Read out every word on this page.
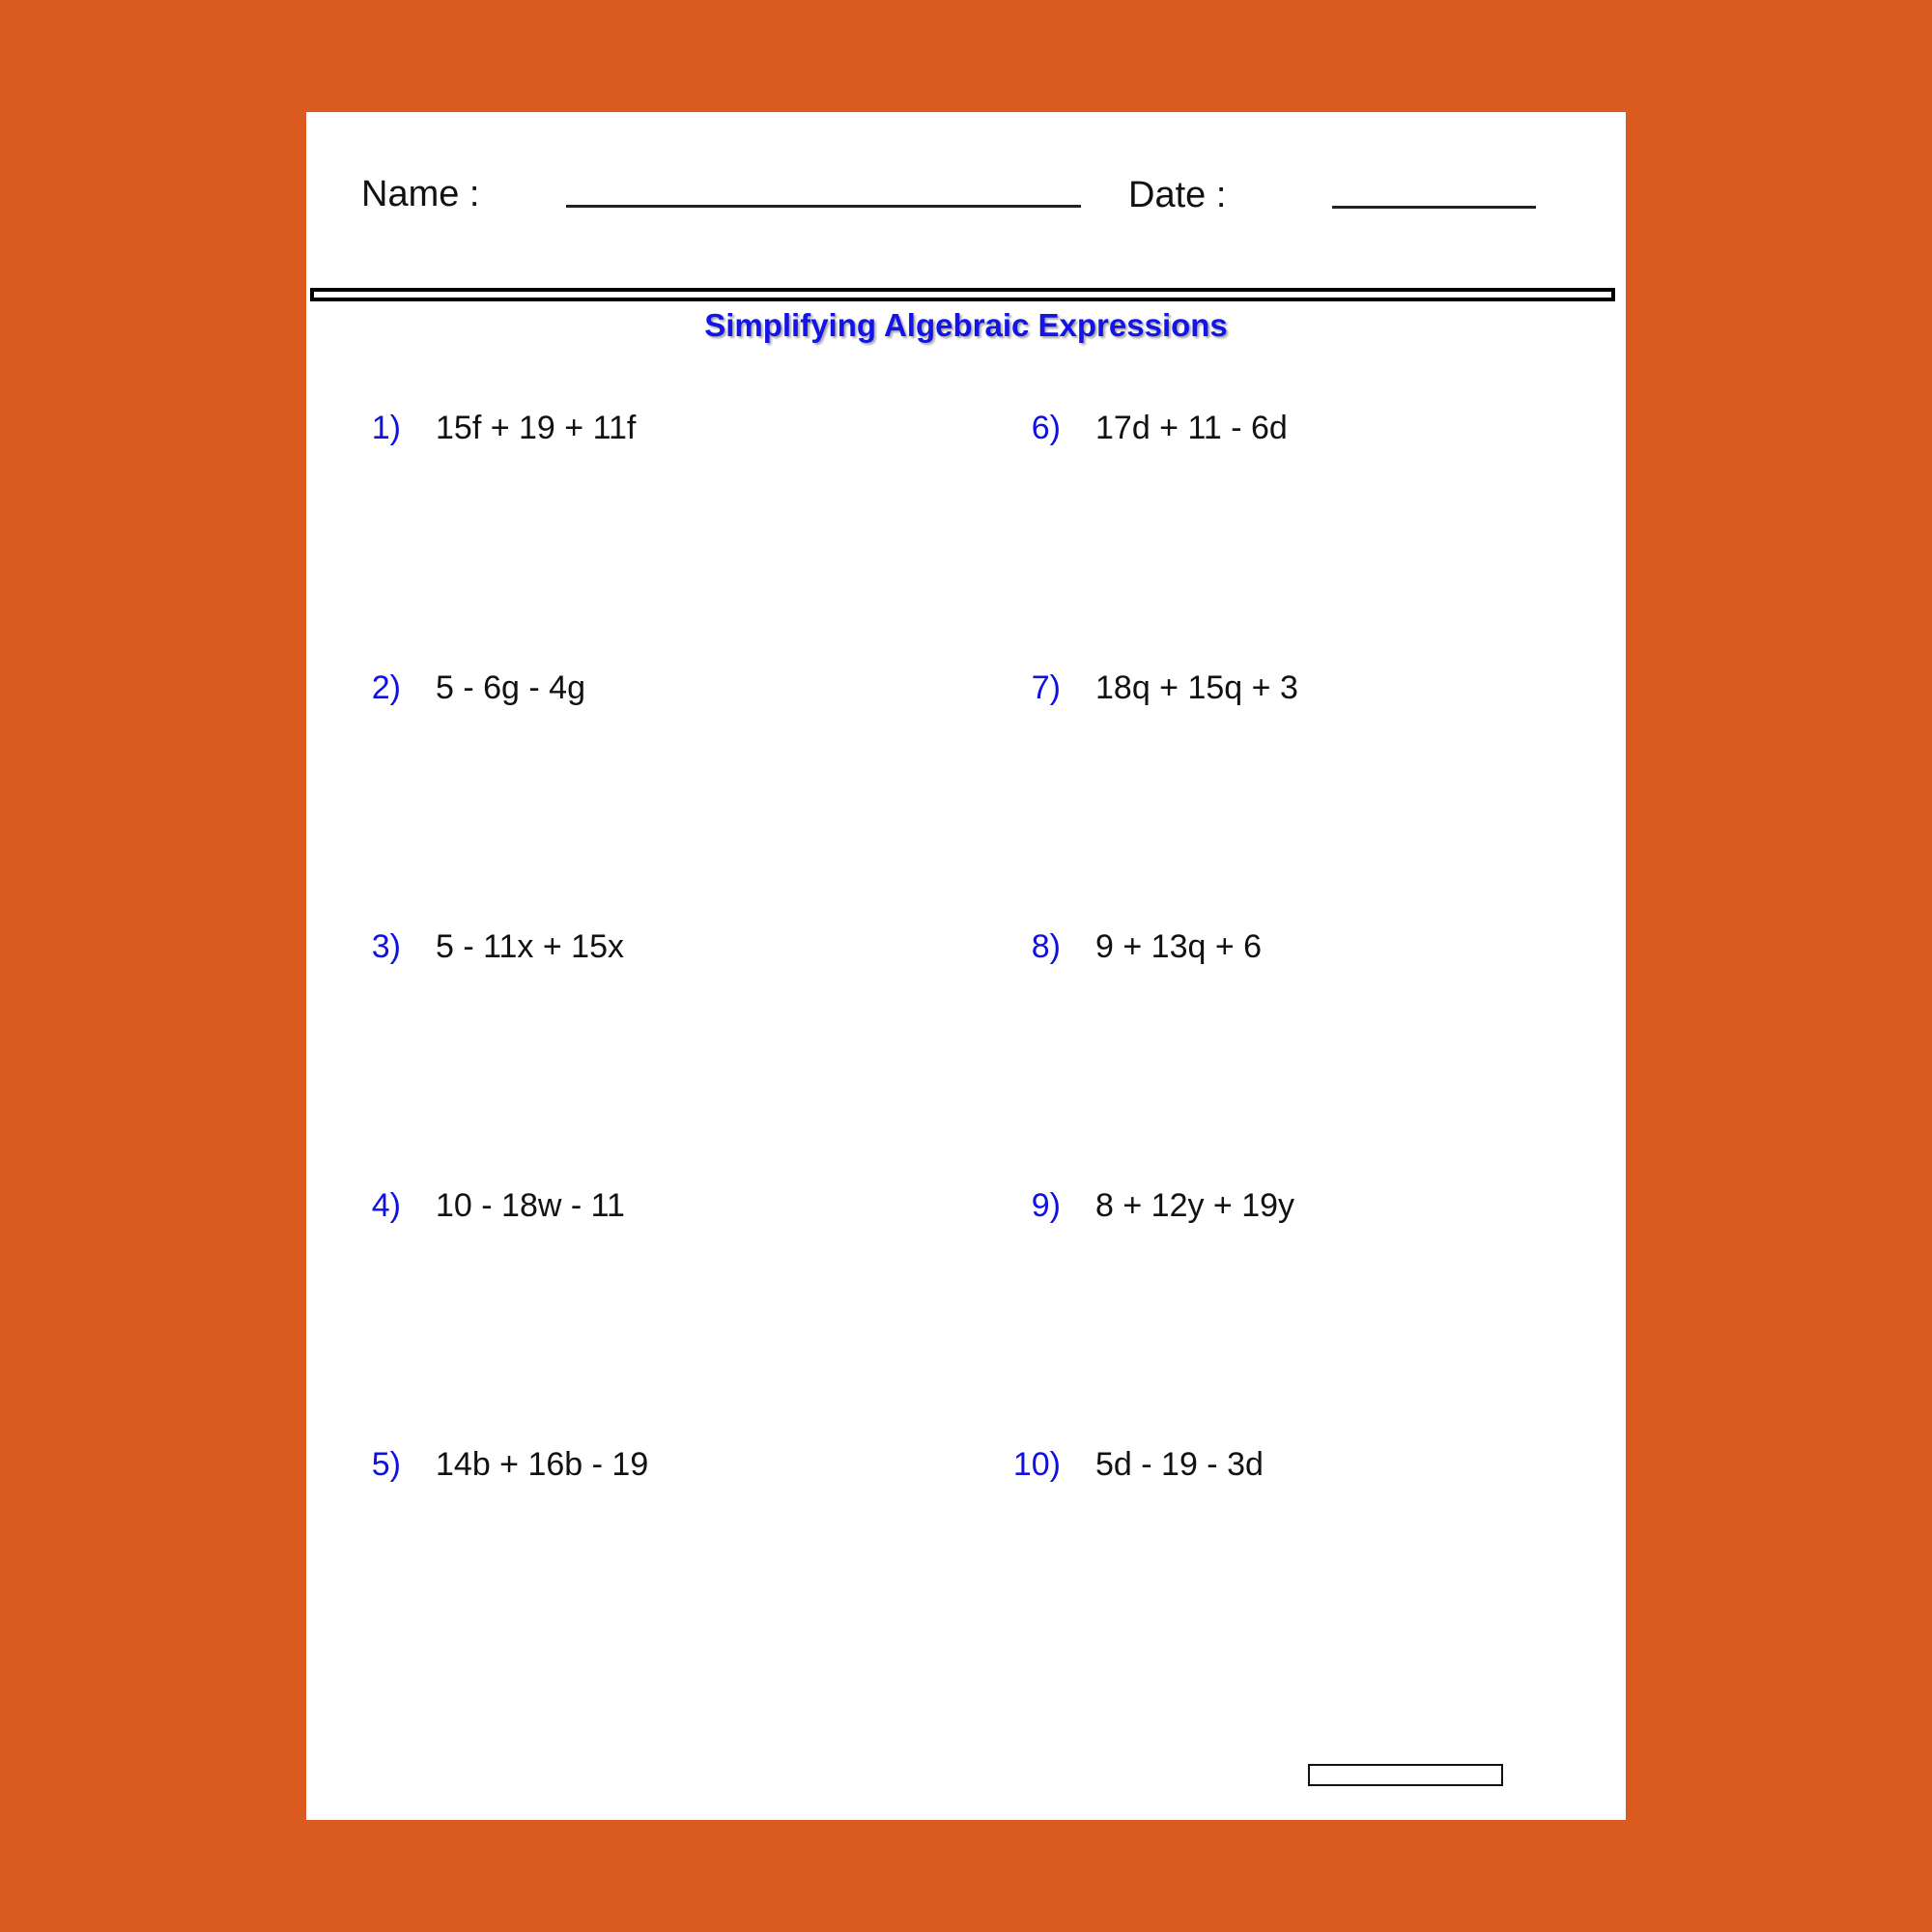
Name :	Date :
Simplifying Algebraic Expressions
1) 15f + 19 + 11f
2) 5 - 6g - 4g
3) 5 - 11x + 15x
4) 10 - 18w - 11
5) 14b + 16b - 19
6) 17d + 11 - 6d
7) 18q + 15q + 3
8) 9 + 13q + 6
9) 8 + 12y + 19y
10) 5d - 19 - 3d
